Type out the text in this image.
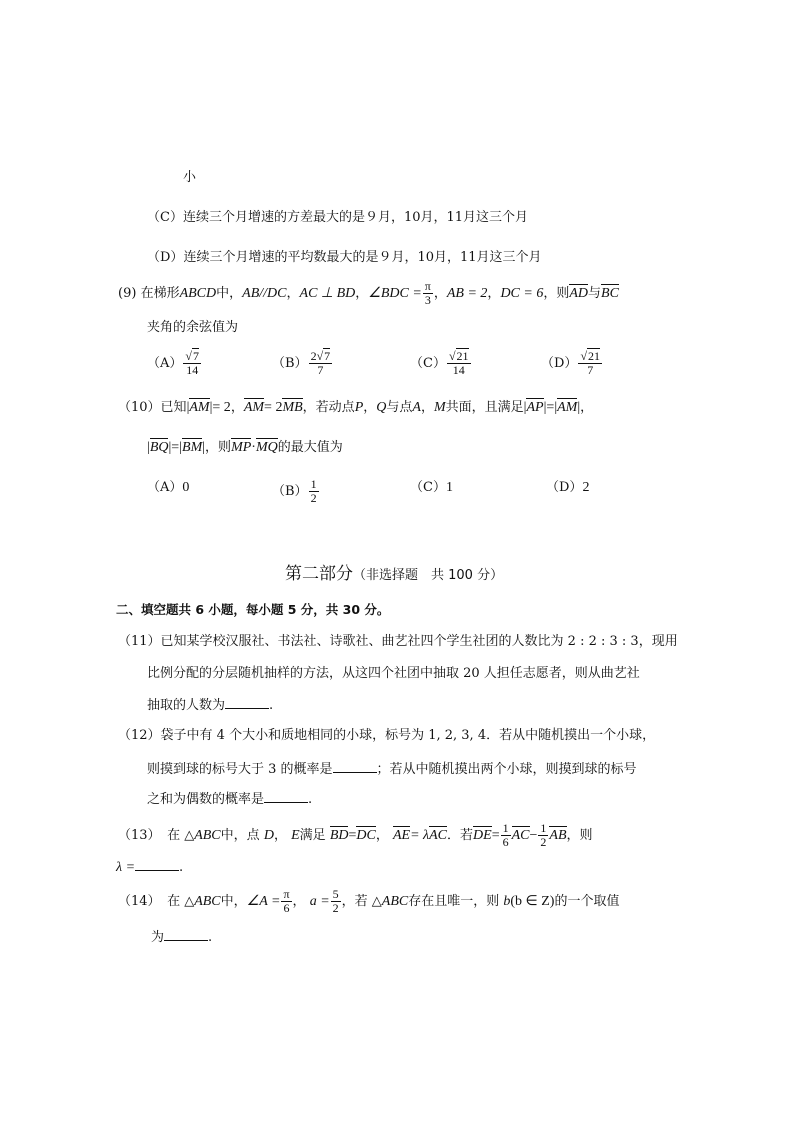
小
（C）连续三个月增速的方差最大的是９月，10月，11月这三个月
（D）连续三个月增速的平均数最大的是９月，10月，11月这三个月
(9) 在梯形ABCD中，AB//DC，AC ⊥ BD，∠BDC = $\frac{\pi}{3}$ ，AB = 2，DC = 6，则AD与BC
夹角的余弦值为
$(A) \frac{√7}{14}$	$(B) \frac{2√7}{7}$	$(C) \frac{√21}{14}$	$(D) \frac{√21}{7}$
（10）已知|AM|= 2，AM= 2MB，若动点P，Q与点A，M共面，且满足|AP|=|AM|，
|BQ|=|BM|，则MP·MQ的最大值为
（A）0	$(B) \frac{1}{2}$	（C）1	（D）2
第二部分（非选择题　共 100 分）
二、填空题共 6 小题，每小题 5 分，共 30 分。
（11）已知某学校汉服社、书法社、诗歌社、曲艺社四个学生社团的人数比为 2 : 2 : 3 : 3，现用
比例分配的分层随机抽样的方法，从这四个社团中抽取 20 人担任志愿者，则从曲艺社
抽取的人数为	.
（12）袋子中有 4 个大小和质地相同的小球，标号为 1, 2, 3, 4．若从中随机摸出一个小球，
则摸到球的标号大于 3 的概率是	；若从中随机摸出两个小球，则摸到球的标号
之和为偶数的概率是	.
（13）　 在 △ABC中，点 D， E满足 BD=DC， AE= λAC．若$DE= \frac{1}{6} AC- \frac{1}{2}$ AB，则
λ =	.
（14）　 在 △ABC中，∠A = $\frac{\pi}{6}$ ， $a = \frac{5}{2}$ ，若 △ABC存在且唯一，则 b(b ∈ Z)的一个取值
为	.
